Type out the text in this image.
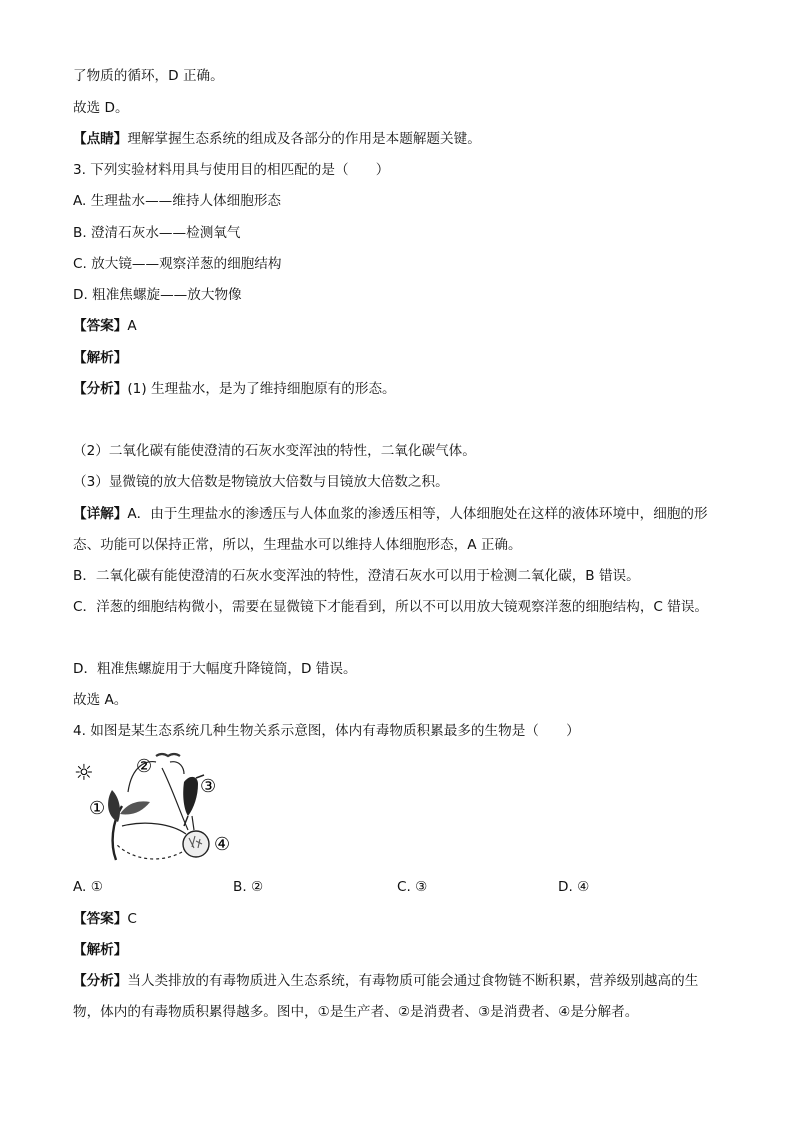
了物质的循环，D 正确。

故选 D。

【点睛】理解掌握生态系统的组成及各部分的作用是本题解题关键。

3. 下列实验材料用具与使用目的相匹配的是（　　）

A. 生理盐水——维持人体细胞形态

B. 澄清石灰水——检测氧气

C. 放大镜——观察洋葱的细胞结构

D. 粗准焦螺旋——放大物像

【答案】A

【解析】

【分析】(1) 生理盐水，是为了维持细胞原有的形态。

（2）二氧化碳有能使澄清的石灰水变浑浊的特性，二氧化碳气体。

（3）显微镜的放大倍数是物镜放大倍数与目镜放大倍数之积。

【详解】A．由于生理盐水的渗透压与人体血浆的渗透压相等，人体细胞处在这样的液体环境中，细胞的形态、功能可以保持正常，所以，生理盐水可以维持人体细胞形态，A 正确。

B．二氧化碳有能使澄清的石灰水变浑浊的特性，澄清石灰水可以用于检测二氧化碳，B 错误。

C．洋葱的细胞结构微小，需要在显微镜下才能看到，所以不可以用放大镜观察洋葱的细胞结构，C 错误。

D．粗准焦螺旋用于大幅度升降镜筒，D 错误。

故选 A。

4. 如图是某生态系统几种生物关系示意图，体内有毒物质积累最多的生物是（　　）

☼
①
②
③
④

A. ①	B. ②	C. ③	D. ④

【答案】C

【解析】

【分析】当人类排放的有毒物质进入生态系统，有毒物质可能会通过食物链不断积累，营养级别越高的生物，体内的有毒物质积累得越多。图中，①是生产者、②是消费者、③是消费者、④是分解者。
